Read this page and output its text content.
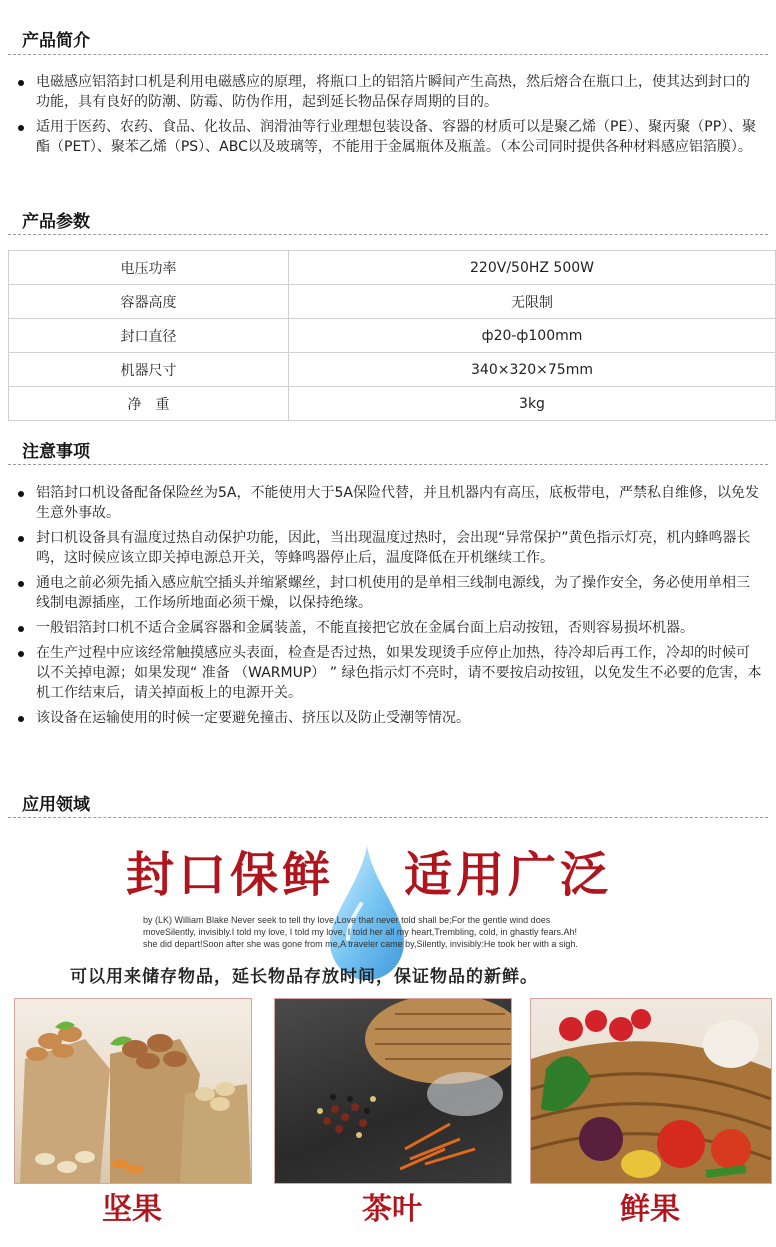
产品简介
电磁感应铝箔封口机是利用电磁感应的原理，将瓶口上的铝箔片瞬间产生高热，然后熔合在瓶口上，使其达到封口的功能，具有良好的防潮、防霉、防伪作用，起到延长物品保存周期的目的。
适用于医药、农药、食品、化妆品、润滑油等行业理想包装设备、容器的材质可以是聚乙烯（PE）、聚丙聚（PP）、聚酯（PET）、聚苯乙烯（PS）、ABC以及玻璃等，不能用于金属瓶体及瓶盖。（本公司同时提供各种材料感应铝箔膜）。
产品参数
电压功率	220V/50HZ 500W
容器高度	无限制
封口直径	ф20-ф100mm
机器尺寸	340×320×75mm
净　重	3kg
注意事项
铝箔封口机设备配备保险丝为5A，不能使用大于5A保险代替，并且机器内有高压，底板带电，严禁私自维修，以免发生意外事故。
封口机设备具有温度过热自动保护功能，因此，当出现温度过热时，会出现“异常保护”黄色指示灯亮，机内蜂鸣器长鸣，这时候应该立即关掉电源总开关，等蜂鸣器停止后，温度降低在开机继续工作。
通电之前必须先插入感应航空插头并缩紧螺丝，封口机使用的是单相三线制电源线，为了操作安全，务必使用单相三线制电源插座，工作场所地面必须干燥，以保持绝缘。
一般铝箔封口机不适合金属容器和金属装盖，不能直接把它放在金属台面上启动按钮，否则容易损坏机器。
在生产过程中应该经常触摸感应头表面，检查是否过热，如果发现烫手应停止加热，待冷却后再工作，冷却的时候可以不关掉电源；如果发现“ 准备 （WARMUP） ” 绿色指示灯不亮时，请不要按启动按钮，以免发生不必要的危害，本机工作结束后，请关掉面板上的电源开关。
该设备在运输使用的时候一定要避免撞击、挤压以及防止受潮等情况。
应用领域
封口保鲜 适用广泛
by (LK) William Blake Never seek to tell thy love,Love that never told shall be;For the gentle wind does moveSilently, invisibly.I told my love, I told my love, I told her all my heart,Trembling, cold, in ghastly fears.Ah! she did depart!Soon after she was gone from me,A traveler came by,Silently, invisibly:He took her with a sigh.
可以用来储存物品，延长物品存放时间，保证物品的新鲜。
坚果	茶叶	鲜果
